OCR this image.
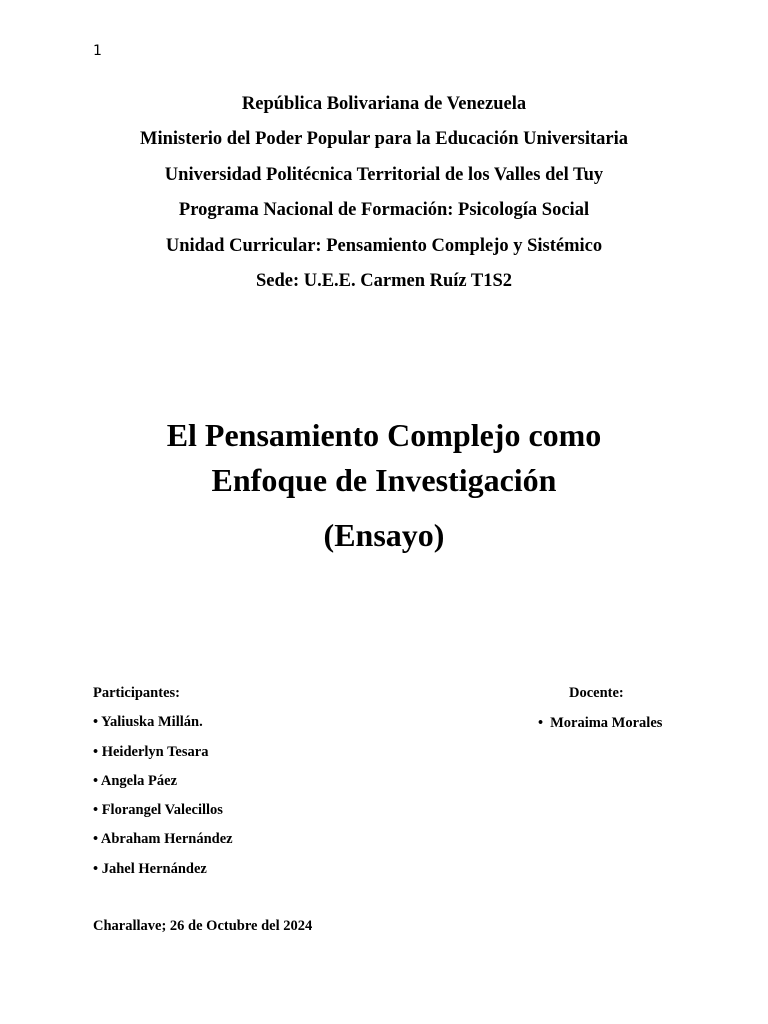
1
República Bolivariana de Venezuela
Ministerio del Poder Popular para la Educación Universitaria
Universidad Politécnica Territorial de los Valles del Tuy
Programa Nacional de Formación: Psicología Social
Unidad Curricular: Pensamiento Complejo y Sistémico
Sede: U.E.E. Carmen Ruíz T1S2
El Pensamiento Complejo como
Enfoque de Investigación
(Ensayo)
Participantes:
• Yaliuska Millán.
• Heiderlyn Tesara
• Angela Páez
• Florangel Valecillos
• Abraham Hernández
• Jahel Hernández
Docente:
• Moraima Morales
Charallave; 26 de Octubre del 2024
